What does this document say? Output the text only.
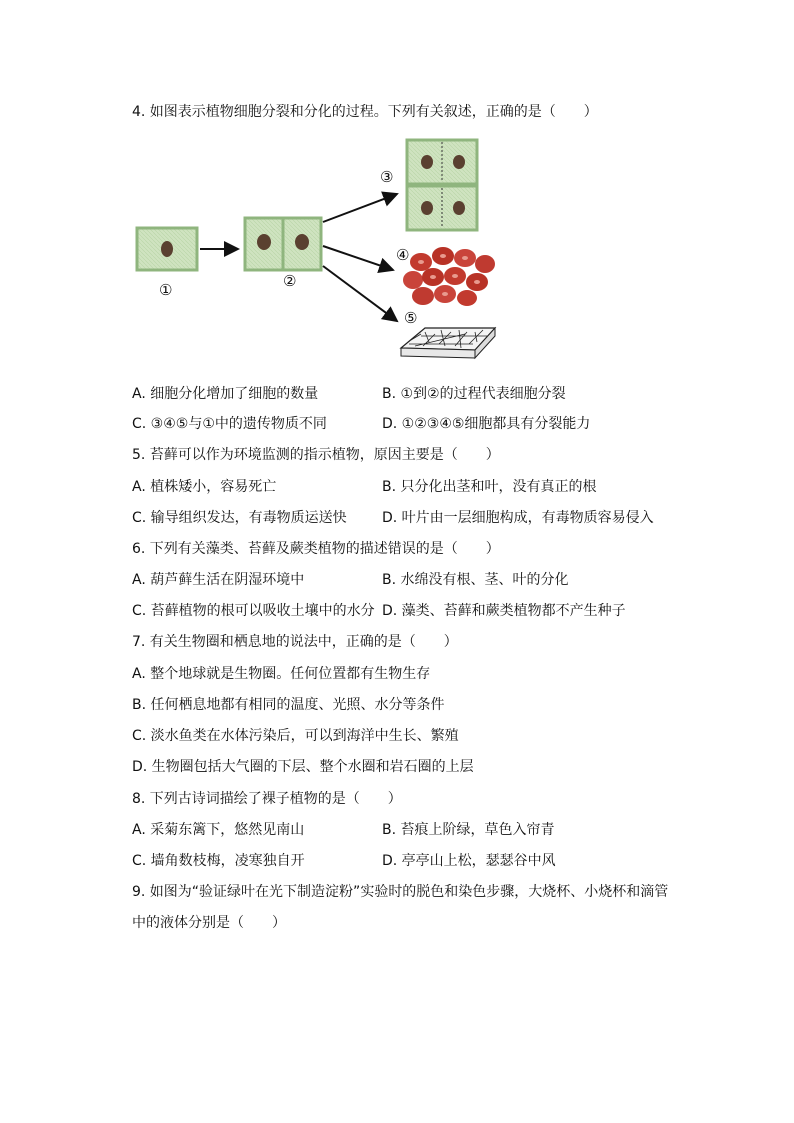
4. 如图表示植物细胞分裂和分化的过程。下列有关叙述，正确的是（　　）
①	②
③
④
⑤
A. 细胞分化增加了细胞的数量	B. ①到②的过程代表细胞分裂
C. ③④⑤与①中的遗传物质不同	D. ①②③④⑤细胞都具有分裂能力
5. 苔藓可以作为环境监测的指示植物，原因主要是（　　）
A. 植株矮小，容易死亡	B. 只分化出茎和叶，没有真正的根
C. 输导组织发达，有毒物质运送快	D. 叶片由一层细胞构成，有毒物质容易侵入
6. 下列有关藻类、苔藓及蕨类植物的描述错误的是（　　）
A. 葫芦藓生活在阴湿环境中	B. 水绵没有根、茎、叶的分化
C. 苔藓植物的根可以吸收土壤中的水分 D. 藻类、苔藓和蕨类植物都不产生种子
7. 有关生物圈和栖息地的说法中，正确的是（　　）
A. 整个地球就是生物圈。任何位置都有生物生存
B. 任何栖息地都有相同的温度、光照、水分等条件
C. 淡水鱼类在水体污染后，可以到海洋中生长、繁殖
D. 生物圈包括大气圈的下层、整个水圈和岩石圈的上层
8. 下列古诗词描绘了裸子植物的是（　　）
A. 采菊东篱下，悠然见南山	B. 苔痕上阶绿，草色入帘青
C. 墙角数枝梅，凌寒独自开	D. 亭亭山上松，瑟瑟谷中风
9. 如图为“验证绿叶在光下制造淀粉”实验时的脱色和染色步骤，大烧杯、小烧杯和滴管
中的液体分别是（　　）
